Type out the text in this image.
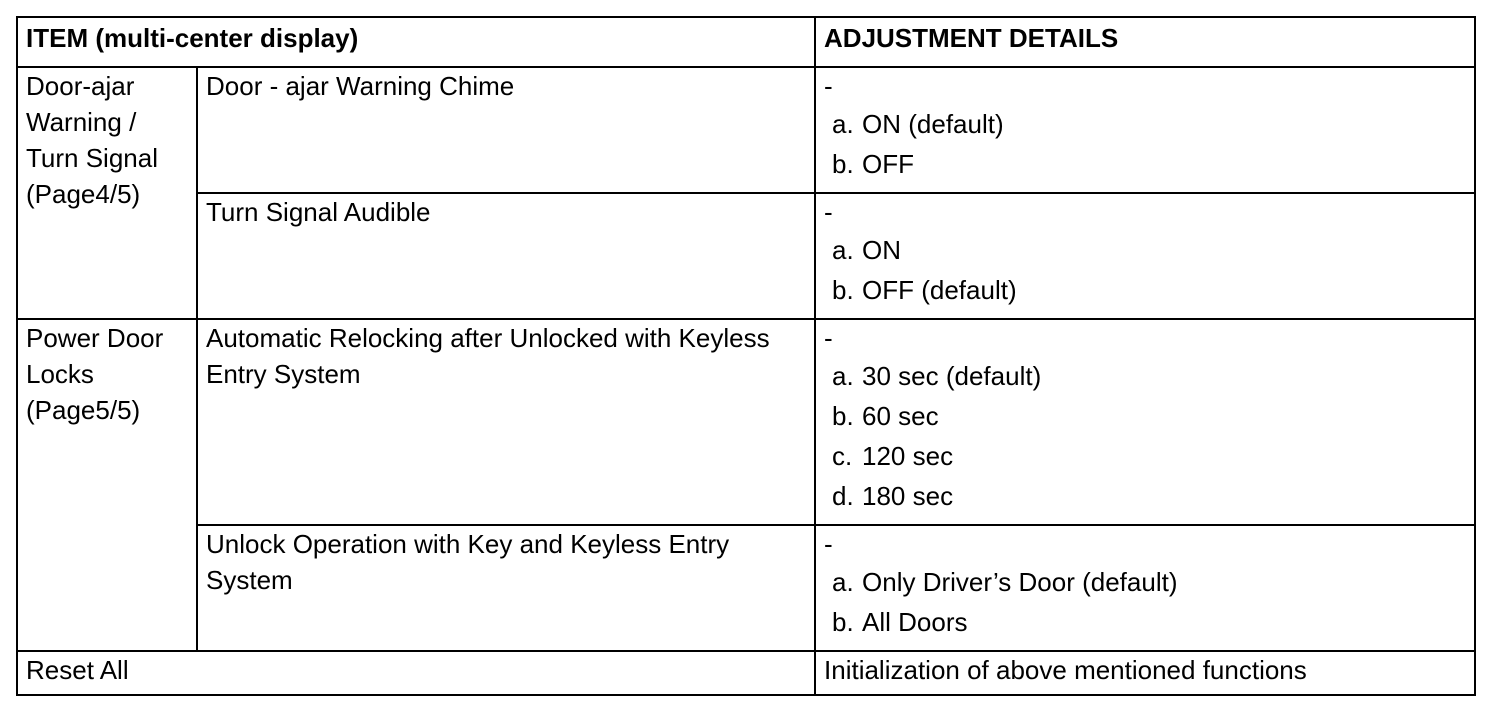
ITEM (multi-center display)		ADJUSTMENT DETAILS
Door-ajar
Warning /
Turn Signal
(Page4/5)	Door - ajar Warning Chime	-
a. ON (default)
b. OFF

	Turn Signal Audible	-
a. ON
b. OFF (default)

Power Door
Locks
(Page5/5)	Automatic Relocking after Unlocked with Keyless Entry System	-
a. 30 sec (default)
b. 60 sec
c. 120 sec
d. 180 sec

	Unlock Operation with Key and Keyless Entry System	-
a. Only Driver’s Door (default)
b. All Doors

Reset All		Initialization of above mentioned functions
